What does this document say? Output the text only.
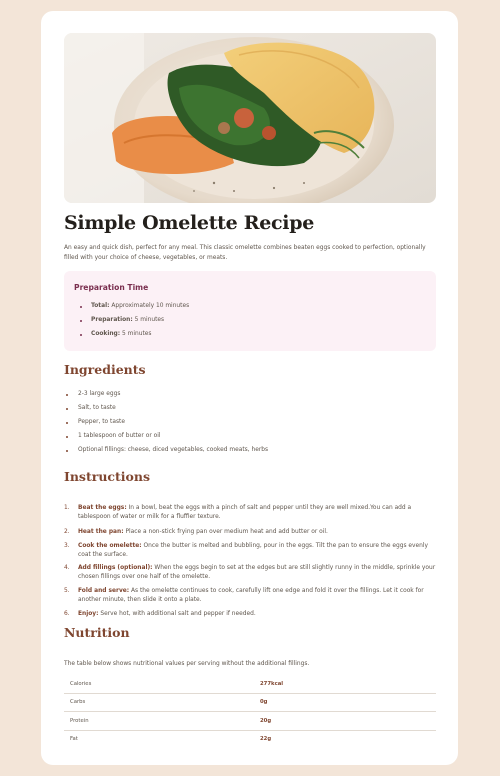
Simple Omelette Recipe

An easy and quick dish, perfect for any meal. This classic omelette combines beaten eggs cooked to perfection, optionally filled with your choice of cheese, vegetables, or meats.

Preparation Time
Total: Approximately 10 minutes
Preparation: 5 minutes
Cooking: 5 minutes
Ingredients
2-3 large eggs
Salt, to taste
Pepper, to taste
1 tablespoon of butter or oil
Optional fillings: cheese, diced vegetables, cooked meats, herbs
Instructions
1. Beat the eggs: In a bowl, beat the eggs with a pinch of salt and pepper until they are well mixed.You can add a tablespoon of water or milk for a fluffier texture.
2. Heat the pan: Place a non-stick frying pan over medium heat and add butter or oil.
3. Cook the omelette: Once the butter is melted and bubbling, pour in the eggs. Tilt the pan to ensure the eggs evenly coat the surface.
4. Add fillings (optional): When the eggs begin to set at the edges but are still slightly runny in the middle, sprinkle your chosen fillings over one half of the omelette.
5. Fold and serve: As the omelette continues to cook, carefully lift one edge and fold it over the fillings. Let it cook for another minute, then slide it onto a plate.
6. Enjoy: Serve hot, with additional salt and pepper if needed.
Nutrition

The table below shows nutritional values per serving without the additional fillings.

Calories	277kcal
Carbs	0g
Protein	20g
Fat	22g
